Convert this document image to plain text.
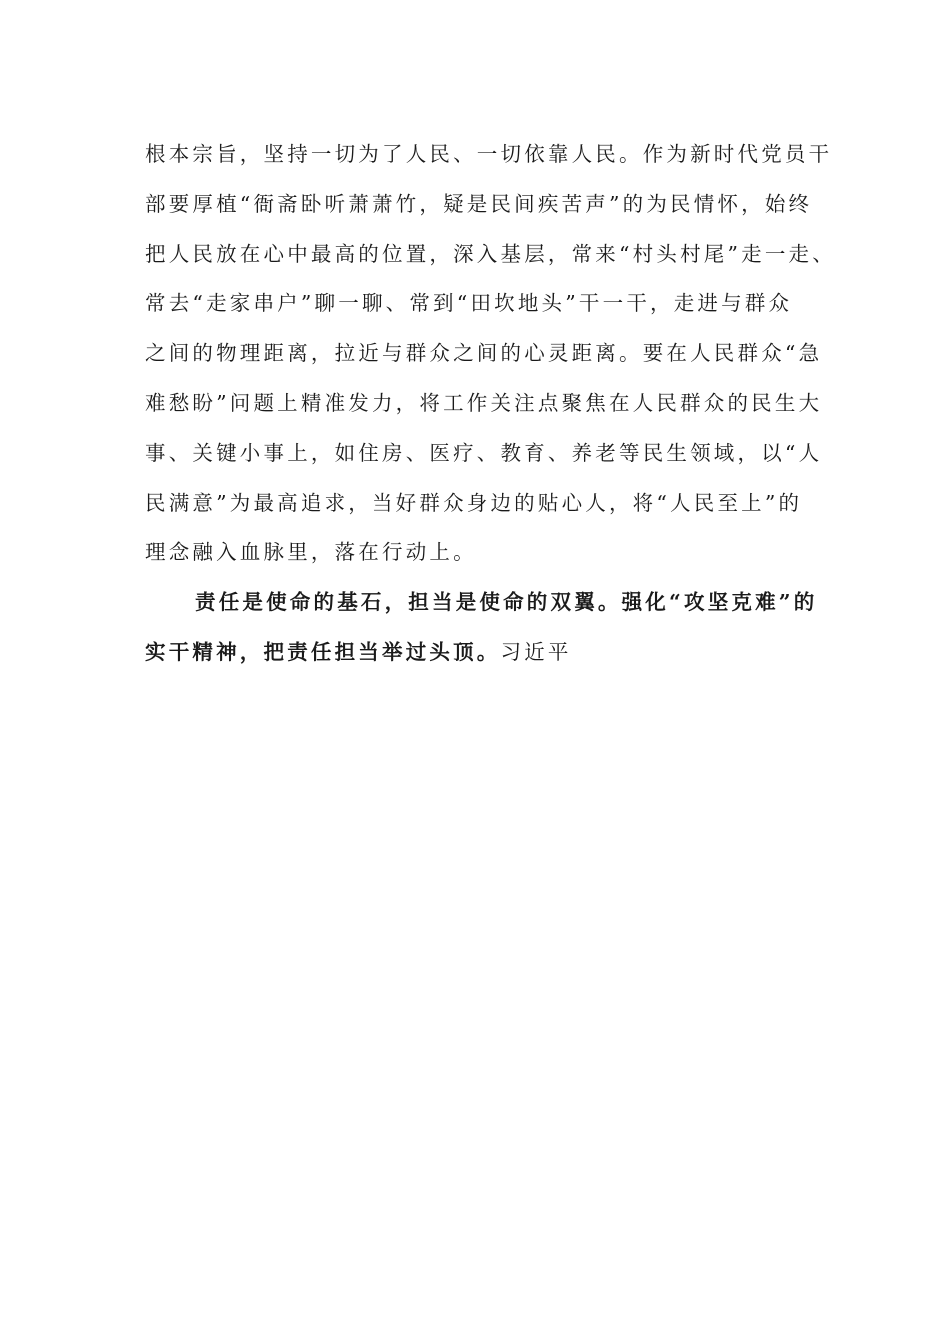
根本宗旨，坚持一切为了人民、一切依靠人民。作为新时代党员干
部要厚植“衙斋卧听萧萧竹，疑是民间疾苦声”的为民情怀，始终
把人民放在心中最高的位置，深入基层，常来“村头村尾”走一走、
常去“走家串户”聊一聊、常到“田坎地头”干一干，走进与群众
之间的物理距离，拉近与群众之间的心灵距离。要在人民群众“急
难愁盼”问题上精准发力，将工作关注点聚焦在人民群众的民生大
事、关键小事上，如住房、医疗、教育、养老等民生领域，以“人
民满意”为最高追求，当好群众身边的贴心人，将“人民至上”的
理念融入血脉里，落在行动上。
责任是使命的基石，担当是使命的双翼。强化“攻坚克难”的
实干精神，把责任担当举过头顶。习近平
